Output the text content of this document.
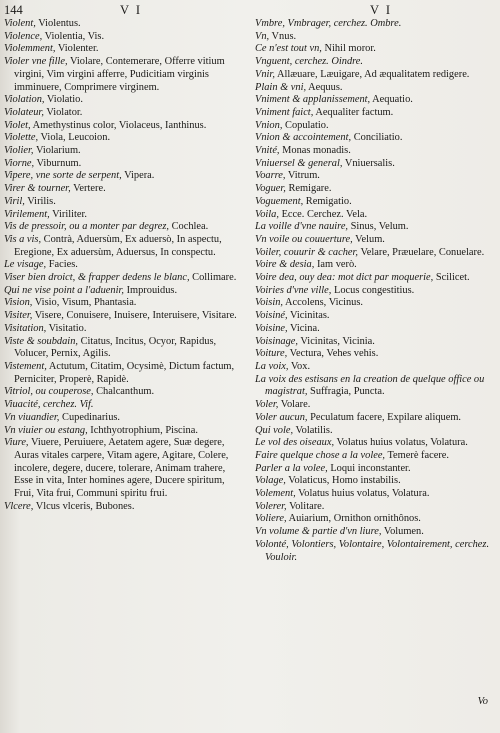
144	V I	V I

Violent, Violentus.

Violence, Violentia, Vis.

Violemment, Violenter.

Violer vne fille, Violare, Contemerare, Offerre vitium virgini, Vim virgini afferre, Pudicitiam virginis imminuere, Comprimere virginem.

Violation, Violatio.

Violateur, Violator.

Violet, Amethystinus color, Violaceus, Ianthinus.

Violette, Viola, Leucoion.

Violier, Violarium.

Viorne, Viburnum.

Vipere, vne sorte de serpent, Vipera.

Virer & tourner, Vertere.

Viril, Virilis.

Virilement, Viriliter.

Vis de pressoir, ou a monter par degrez, Cochlea.

Vis a vis, Contrà, Aduersùm, Ex aduersò, In aspectu, Eregione, Ex aduersùm, Aduersus, In conspectu.

Le visage, Facies.

Viser bien droict, & frapper dedens le blanc, Collimare.

Qui ne vise point a l'aduenir, Improuidus.

Vision, Visio, Visum, Phantasia.

Visiter, Visere, Conuisere, Inuisere, Interuisere, Visitare.

Visitation, Visitatio.

Viste & soubdain, Citatus, Incitus, Ocyor, Rapidus, Volucer, Pernix, Agilis.

Vistement, Actutum, Citatim, Ocysimè, Dictum factum, Perniciter, Properè, Rapidè.

Vitriol, ou couperose, Chalcanthum.

Viuacité, cerchez. Vif.

Vn viuandier, Cupedinarius.

Vn viuier ou estang, Ichthyotrophium, Piscina.

Viure, Viuere, Peruiuere, Aetatem agere, Suæ degere, Auras vitales carpere, Vitam agere, Agitare, Colere, incolere, degere, ducere, tolerare, Animam trahere, Esse in vita, Inter homines agere, Ducere spiritum, Frui, Vita frui, Communi spiritu frui.

Vlcere, Vlcus vlceris, Bubones.

Vmbre, Vmbrager, cerchez. Ombre.

Vn, Vnus.

Ce n'est tout vn, Nihil moror.

Vnguent, cerchez. Oindre.

Vnir, Allæuare, Læuigare, Ad æqualitatem redigere.

Plain & vni, Aequus.

Vniment & applanissement, Aequatio.

Vniment faict, Aequaliter factum.

Vnion, Copulatio.

Vnion & accointement, Conciliatio.

Vnité, Monas monadis.

Vniuersel & general, Vniuersalis.

Voarre, Vitrum.

Voguer, Remigare.

Voguement, Remigatio.

Voila, Ecce. Cerchez. Vela.

La voille d'vne nauire, Sinus, Velum.

Vn voile ou couuerture, Velum.

Voiler, couurir & cacher, Velare, Præuelare, Conuelare.

Voire & desia, Iam verò.

Voire dea, ouy dea: mot dict par moquerie, Scilicet.

Voiries d'vne ville, Locus congestitius.

Voisin, Accolens, Vicinus.

Voisiné, Vicinitas.

Voisine, Vicina.

Voisinage, Vicinitas, Vicinia.

Voiture, Vectura, Vehes vehis.

La voix, Vox.

La voix des estisans en la creation de quelque office ou magistrat, Suffragia, Puncta.

Voler, Volare.

Voler aucun, Peculatum facere, Expilare aliquem.

Qui vole, Volatilis.

Le vol des oiseaux, Volatus huius volatus, Volatura.

Faire quelque chose a la volee, Temerè facere.

Parler a la volee, Loqui inconstanter.

Volage, Volaticus, Homo instabilis.

Volement, Volatus huius volatus, Volatura.

Volerer, Volitare.

Voliere, Auiarium, Ornithon ornithônos.

Vn volume & partie d'vn liure, Volumen.

Volonté, Volontiers, Volontaire, Volontairement, cerchez. Vouloir.

Vo
